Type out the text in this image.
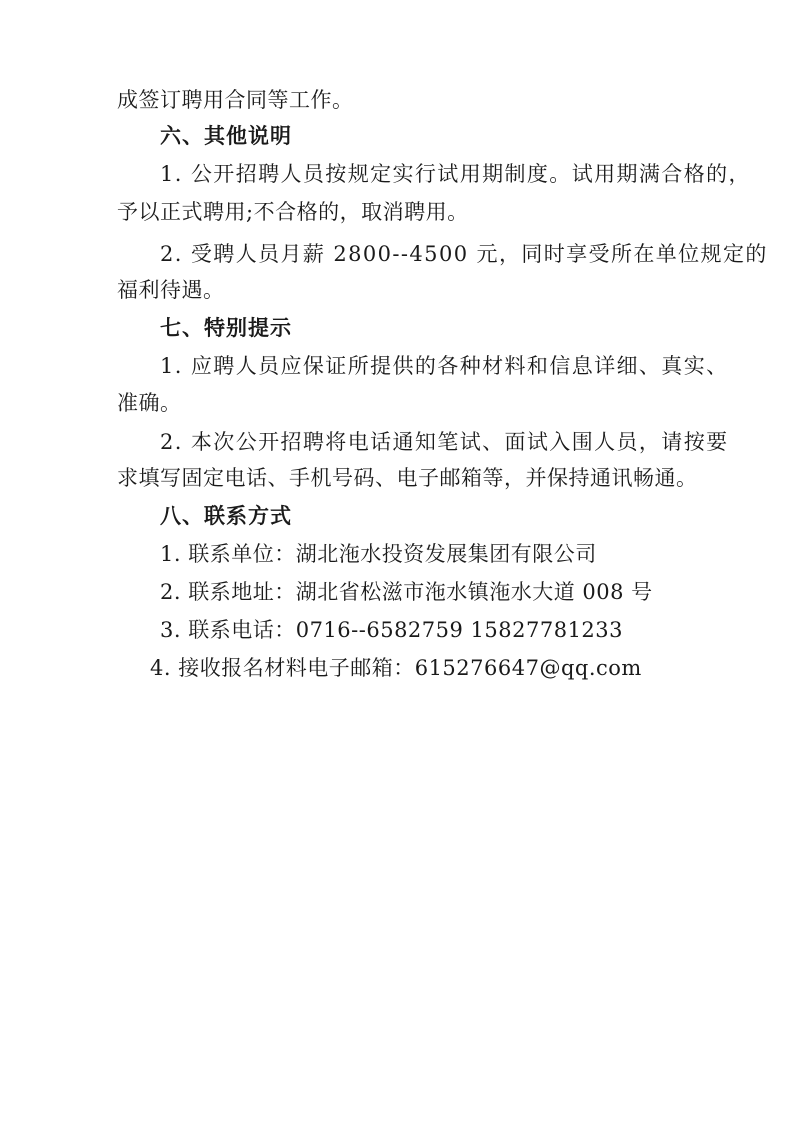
成签订聘用合同等工作。
六、其他说明
1. 公开招聘人员按规定实行试用期制度。试用期满合格的，
予以正式聘用;不合格的，取消聘用。
2. 受聘人员月薪 2800--4500 元，同时享受所在单位规定的
福利待遇。
七、特别提示
1. 应聘人员应保证所提供的各种材料和信息详细、真实、
准确。
2. 本次公开招聘将电话通知笔试、面试入围人员，请按要
求填写固定电话、手机号码、电子邮箱等，并保持通讯畅通。
八、联系方式
1. 联系单位：湖北沲水投资发展集团有限公司
2. 联系地址：湖北省松滋市沲水镇沲水大道 008 号
3. 联系电话：0716--6582759 15827781233
4. 接收报名材料电子邮箱：615276647@qq.com
